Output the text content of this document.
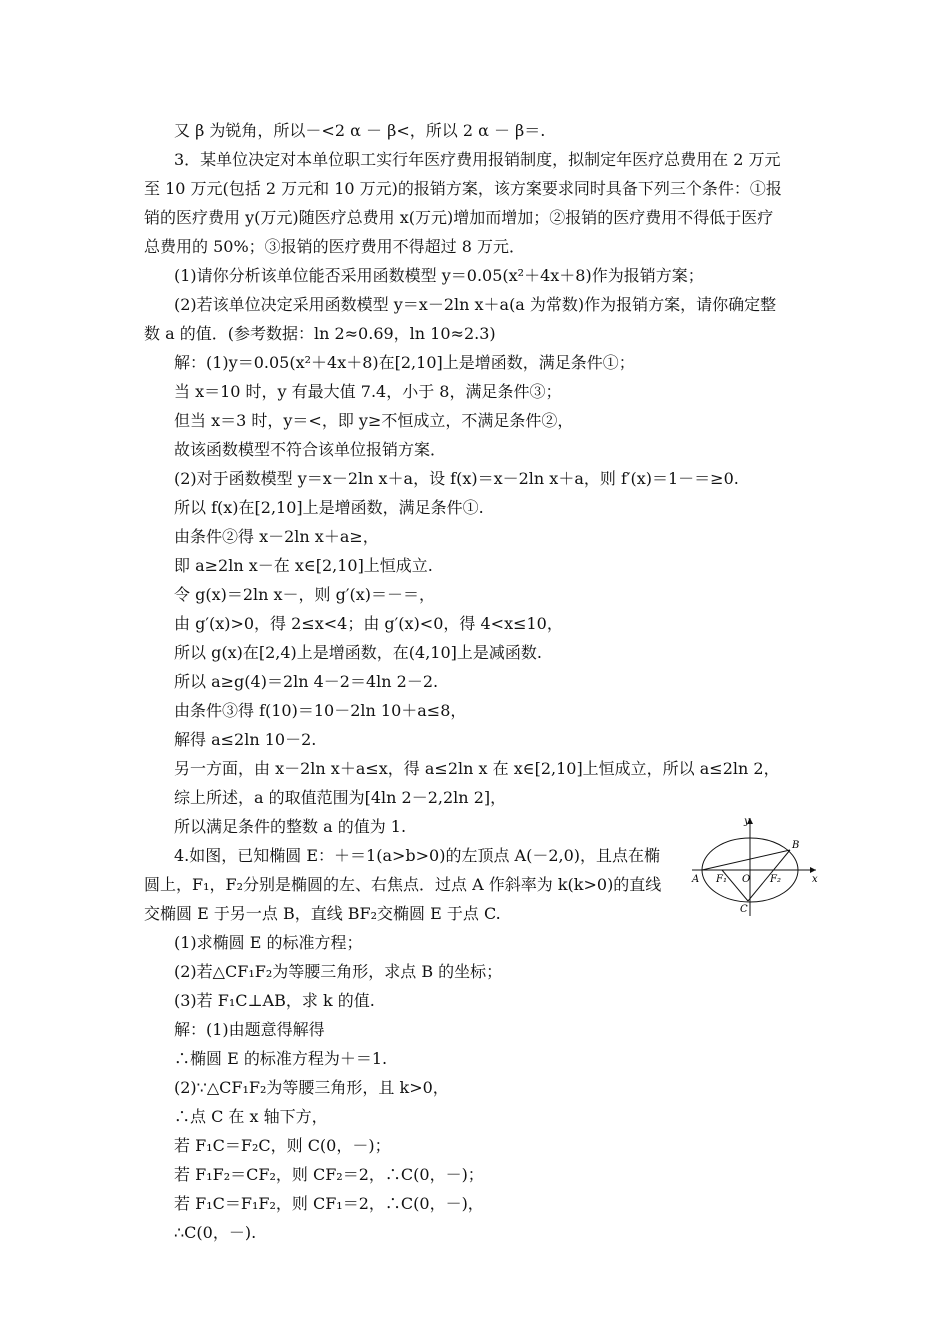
又 β 为锐角，所以－<2 α － β<，所以 2 α － β＝.
3．某单位决定对本单位职工实行年医疗费用报销制度，拟制定年医疗总费用在 2 万元
至 10 万元(包括 2 万元和 10 万元)的报销方案，该方案要求同时具备下列三个条件：①报
销的医疗费用 y(万元)随医疗总费用 x(万元)增加而增加；②报销的医疗费用不得低于医疗
总费用的 50%；③报销的医疗费用不得超过 8 万元．
(1)请你分析该单位能否采用函数模型 y＝0.05(x²＋4x＋8)作为报销方案；
(2)若该单位决定采用函数模型 y＝x－2ln x＋a(a 为常数)作为报销方案，请你确定整
数 a 的值．(参考数据：ln 2≈0.69，ln 10≈2.3)
解：(1)y＝0.05(x²＋4x＋8)在[2,10]上是增函数，满足条件①；
当 x＝10 时，y 有最大值 7.4，小于 8，满足条件③；
但当 x＝3 时，y＝<，即 y≥不恒成立，不满足条件②，
故该函数模型不符合该单位报销方案．
(2)对于函数模型 y＝x－2ln x＋a，设 f(x)＝x－2ln x＋a，则 f′(x)＝1－＝≥0.
所以 f(x)在[2,10]上是增函数，满足条件①.
由条件②得 x－2ln x＋a≥，
即 a≥2ln x－在 x∈[2,10]上恒成立.
令 g(x)＝2ln x－，则 g′(x)＝－＝，
由 g′(x)>0，得 2≤x<4；由 g′(x)<0，得 4<x≤10，
所以 g(x)在[2,4)上是增函数，在(4,10]上是减函数.
所以 a≥g(4)＝2ln 4－2＝4ln 2－2.
由条件③得 f(10)＝10－2ln 10＋a≤8，
解得 a≤2ln 10－2.
另一方面，由 x－2ln x＋a≤x，得 a≤2ln x 在 x∈[2,10]上恒成立，所以 a≤2ln 2，
综上所述，a 的取值范围为[4ln 2－2,2ln 2]，
所以满足条件的整数 a 的值为 1.
4.如图，已知椭圆 E：＋＝1(a>b>0)的左顶点 A(－2,0)，且点在椭
圆上，F₁，F₂分别是椭圆的左、右焦点．过点 A 作斜率为 k(k>0)的直线
交椭圆 E 于另一点 B，直线 BF₂交椭圆 E 于点 C.
(1)求椭圆 E 的标准方程；
(2)若△CF₁F₂为等腰三角形，求点 B 的坐标；
(3)若 F₁C⊥AB，求 k 的值.
解：(1)由题意得解得
∴椭圆 E 的标准方程为＋＝1.
(2)∵△CF₁F₂为等腰三角形，且 k>0，
∴点 C 在 x 轴下方，
若 F₁C＝F₂C，则 C(0，－)；
若 F₁F₂＝CF₂，则 CF₂＝2，∴C(0，－)；
若 F₁C＝F₁F₂，则 CF₁＝2，∴C(0，－)，
∴C(0，－).
y
x
A
B
C
O
F₁	F₂
